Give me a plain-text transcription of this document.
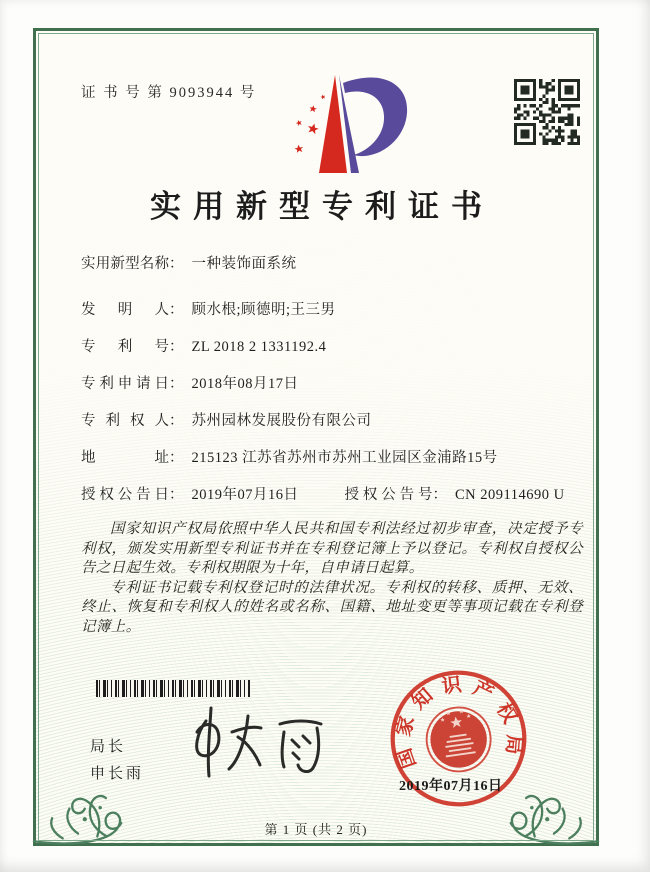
证 书 号 第 9093944 号
实用新型专利证书
实用新型名称： 一种装饰面系统
发明人： 顾水根;顾德明;王三男
专利号： ZL 2018 2 1331192.4
专利申请日： 2018年08月17日
专利权人： 苏州园林发展股份有限公司
地址： 215123 江苏省苏州市苏州工业园区金浦路15号
授权公告日： 2019年07月16日	授权公告号： CN 209114690 U

国家知识产权局依照中华人民共和国专利法经过初步审查，决定授予专利权，颁发实用新型专利证书并在专利登记簿上予以登记。专利权自授权公告之日起生效。专利权期限为十年，自申请日起算。

专利证书记载专利权登记时的法律状况。专利权的转移、质押、无效、终止、恢复和专利权人的姓名或名称、国籍、地址变更等事项记载在专利登记簿上。

局长
申长雨
国家知识产权局
2019年07月16日
第 1 页 (共 2 页)
